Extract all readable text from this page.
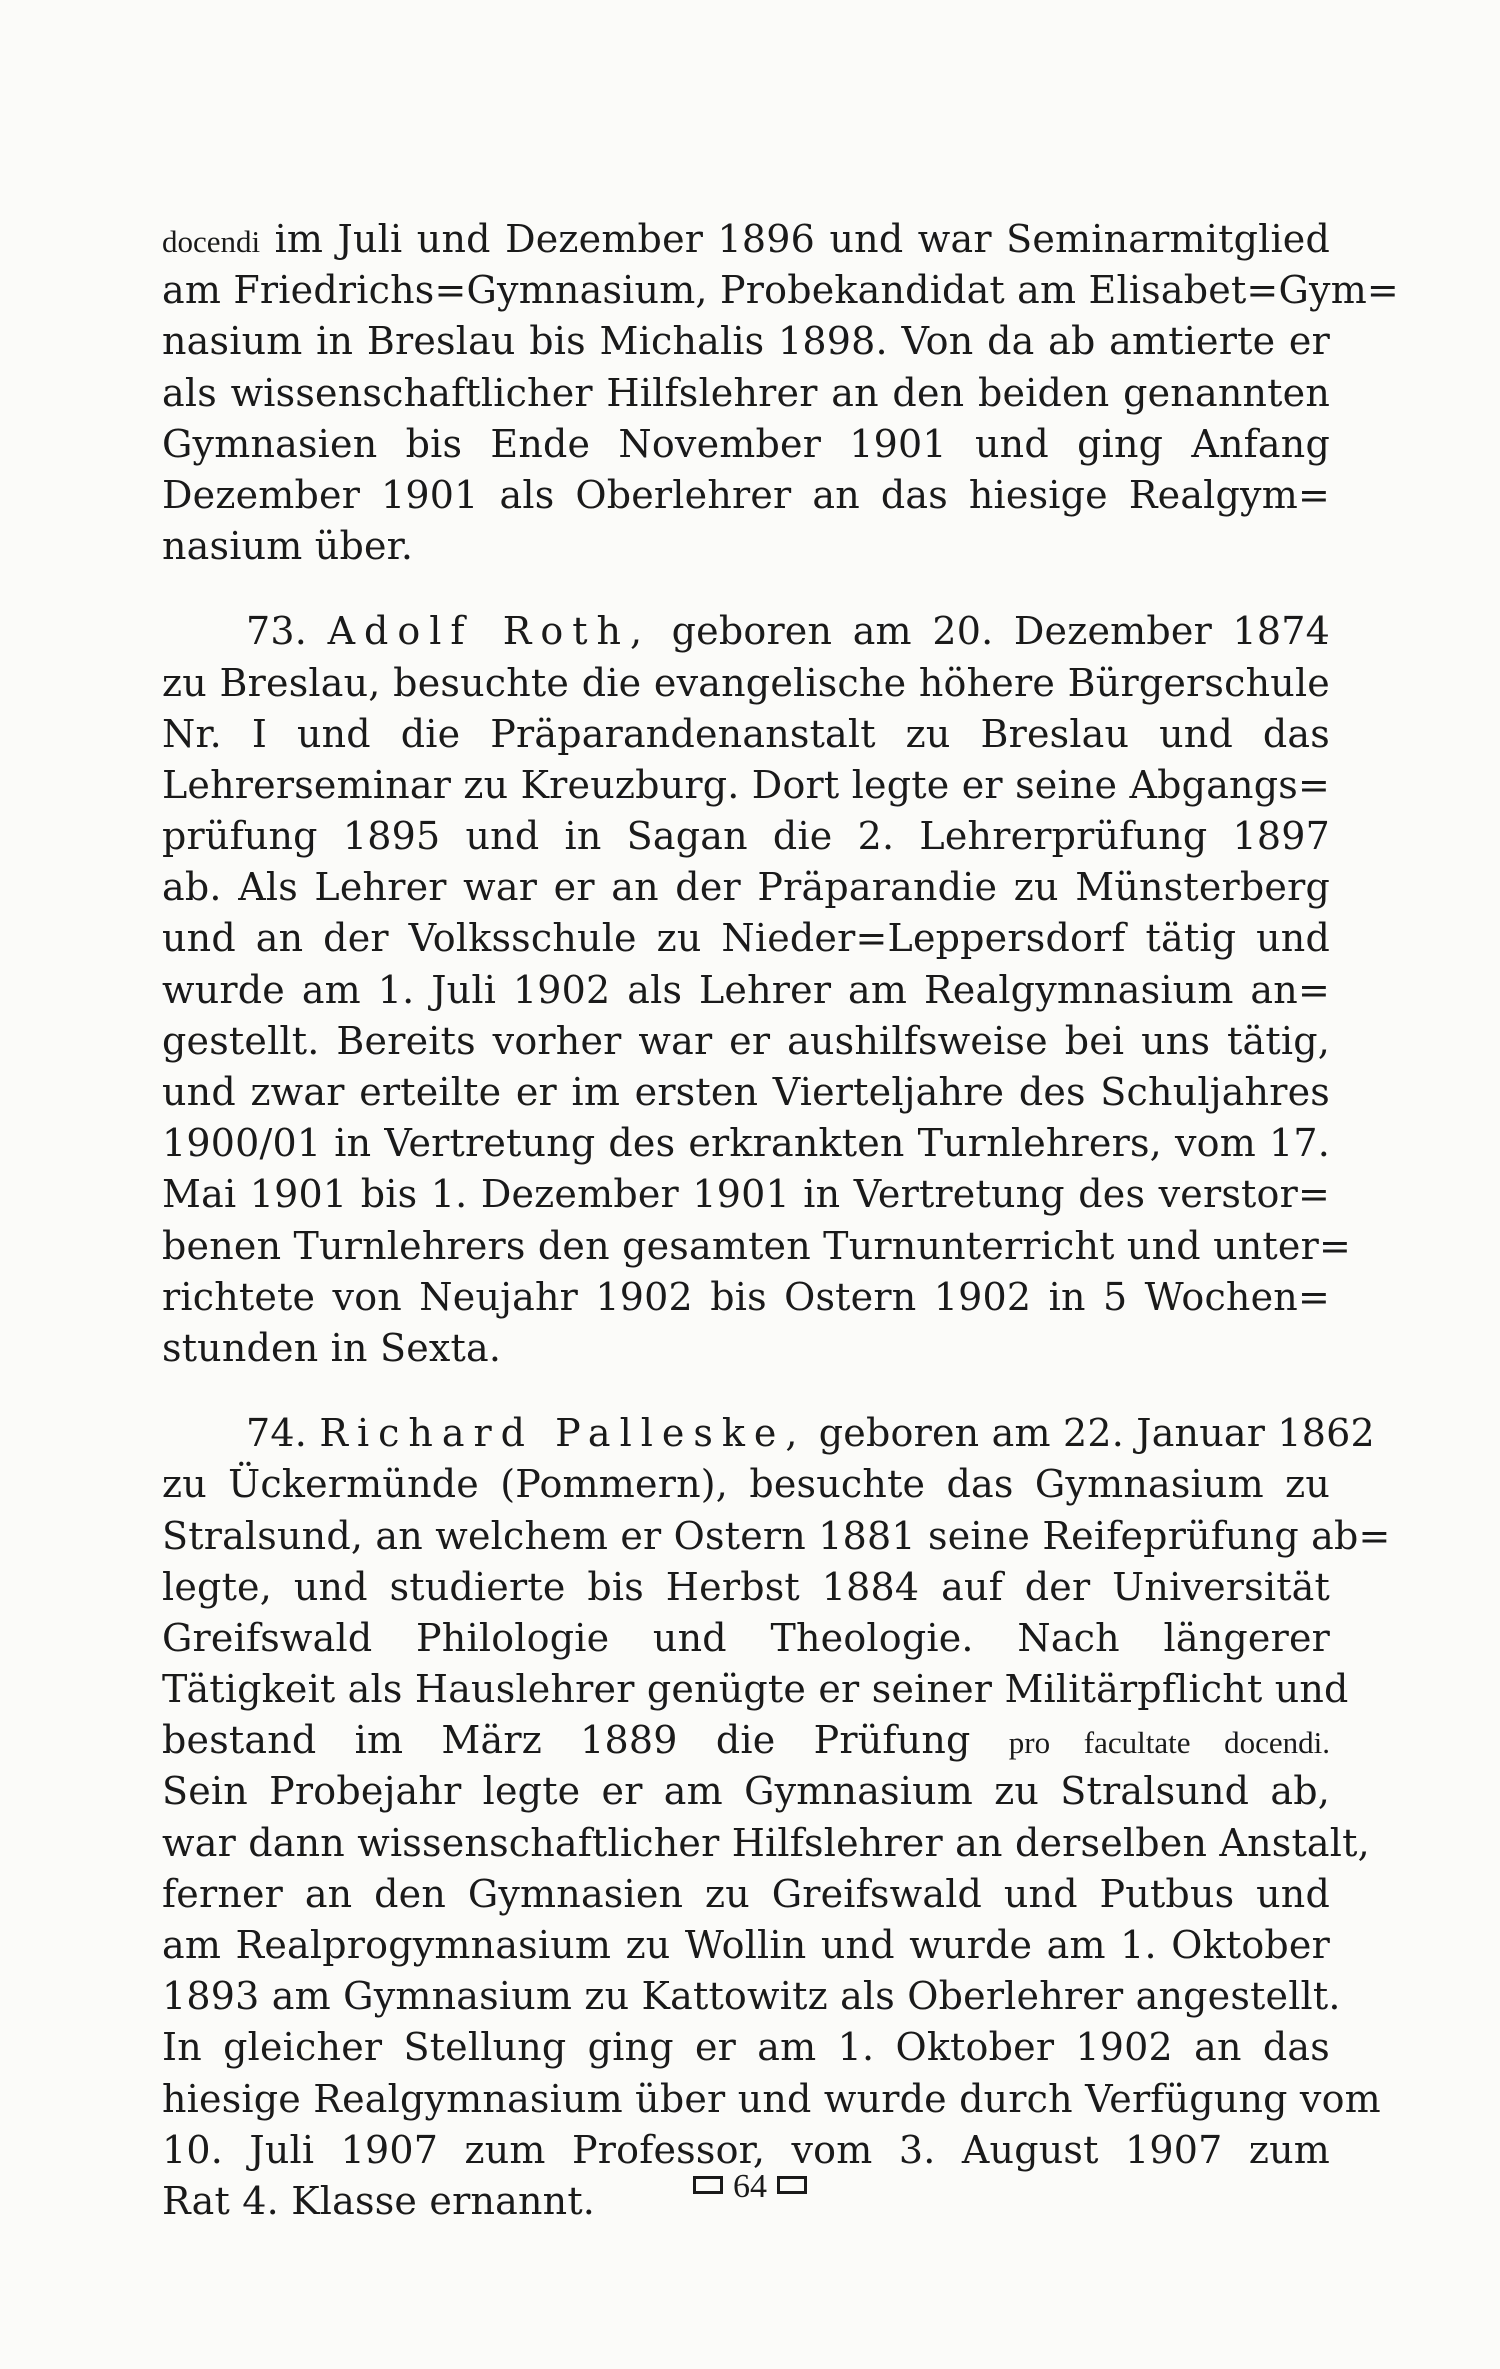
docendi im Juli und Dezember 1896 und war Seminarmitglied
am Friedrichs=Gymnasium, Probekandidat am Elisabet=Gym=
nasium in Breslau bis Michalis 1898. Von da ab amtierte er
als wissenschaftlicher Hilfslehrer an den beiden genannten
Gymnasien bis Ende November 1901 und ging Anfang
Dezember 1901 als Oberlehrer an das hiesige Realgym=
nasium über.
73. Adolf Roth, geboren am 20. Dezember 1874
zu Breslau, besuchte die evangelische höhere Bürgerschule
Nr. I und die Präparandenanstalt zu Breslau und das
Lehrerseminar zu Kreuzburg. Dort legte er seine Abgangs=
prüfung 1895 und in Sagan die 2. Lehrerprüfung 1897
ab. Als Lehrer war er an der Präparandie zu Münsterberg
und an der Volksschule zu Nieder=Leppersdorf tätig und
wurde am 1. Juli 1902 als Lehrer am Realgymnasium an=
gestellt. Bereits vorher war er aushilfsweise bei uns tätig,
und zwar erteilte er im ersten Vierteljahre des Schuljahres
1900/01 in Vertretung des erkrankten Turnlehrers, vom 17.
Mai 1901 bis 1. Dezember 1901 in Vertretung des verstor=
benen Turnlehrers den gesamten Turnunterricht und unter=
richtete von Neujahr 1902 bis Ostern 1902 in 5 Wochen=
stunden in Sexta.
74. Richard Palleske, geboren am 22. Januar 1862
zu Ückermünde (Pommern), besuchte das Gymnasium zu
Stralsund, an welchem er Ostern 1881 seine Reifeprüfung ab=
legte, und studierte bis Herbst 1884 auf der Universität
Greifswald Philologie und Theologie. Nach längerer
Tätigkeit als Hauslehrer genügte er seiner Militärpflicht und
bestand im März 1889 die Prüfung pro facultate docendi.
Sein Probejahr legte er am Gymnasium zu Stralsund ab,
war dann wissenschaftlicher Hilfslehrer an derselben Anstalt,
ferner an den Gymnasien zu Greifswald und Putbus und
am Realprogymnasium zu Wollin und wurde am 1. Oktober
1893 am Gymnasium zu Kattowitz als Oberlehrer angestellt.
In gleicher Stellung ging er am 1. Oktober 1902 an das
hiesige Realgymnasium über und wurde durch Verfügung vom
10. Juli 1907 zum Professor, vom 3. August 1907 zum
Rat 4. Klasse ernannt.	64
